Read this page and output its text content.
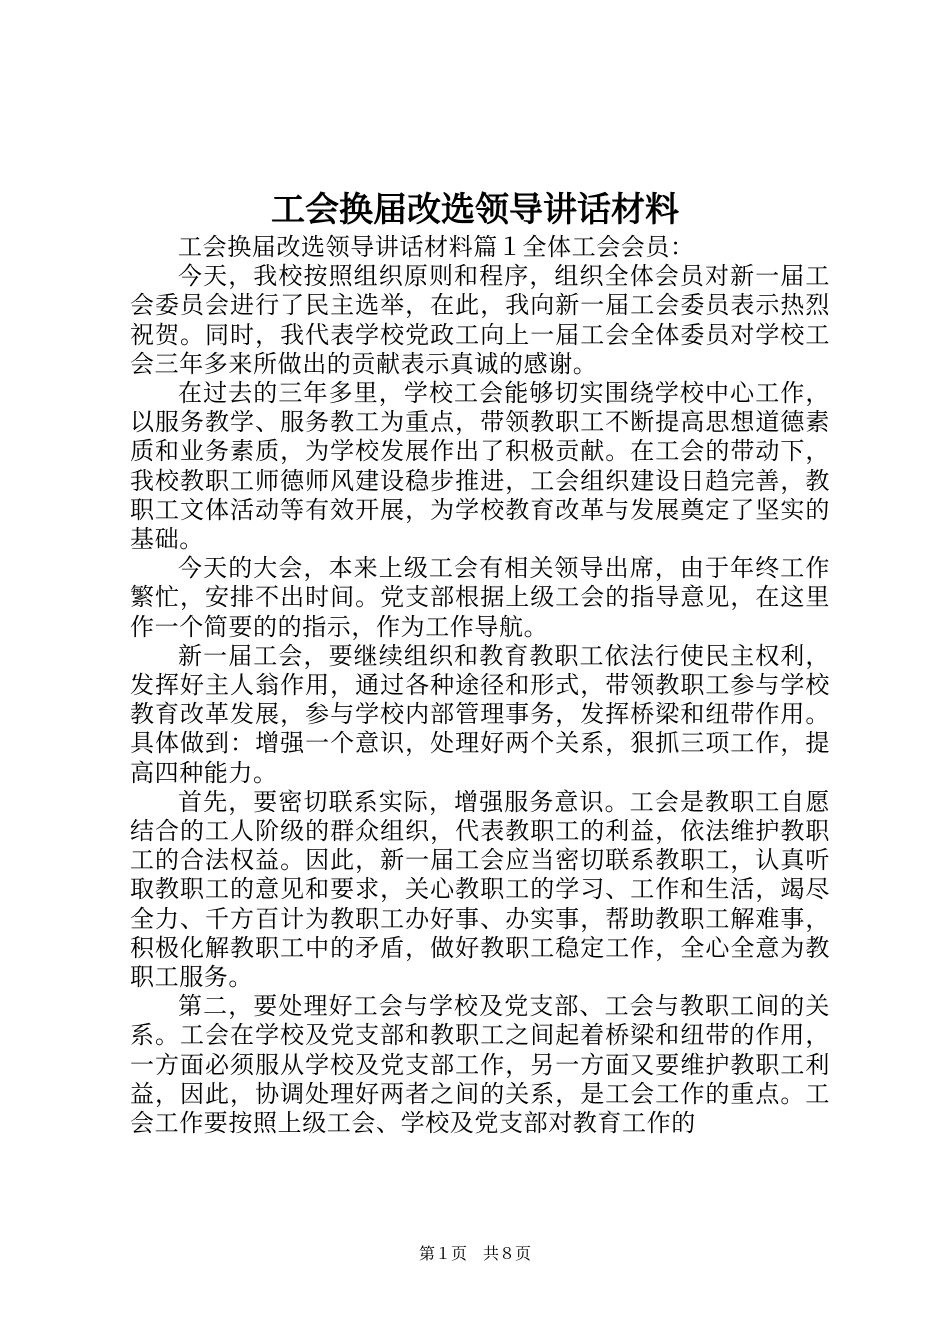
工会换届改选领导讲话材料

工会换届改选领导讲话材料篇１全体工会会员：

今天，我校按照组织原则和程序，组织全体会员对新一届工会委员会进行了民主选举，在此，我向新一届工会委员表示热烈祝贺。同时，我代表学校党政工向上一届工会全体委员对学校工会三年多来所做出的贡献表示真诚的感谢。

在过去的三年多里，学校工会能够切实围绕学校中心工作，以服务教学、服务教工为重点，带领教职工不断提高思想道德素质和业务素质，为学校发展作出了积极贡献。在工会的带动下，我校教职工师德师风建设稳步推进，工会组织建设日趋完善，教职工文体活动等有效开展，为学校教育改革与发展奠定了坚实的基础。

今天的大会，本来上级工会有相关领导出席，由于年终工作繁忙，安排不出时间。党支部根据上级工会的指导意见，在这里作一个简要的的指示，作为工作导航。

新一届工会，要继续组织和教育教职工依法行使民主权利，发挥好主人翁作用，通过各种途径和形式，带领教职工参与学校教育改革发展，参与学校内部管理事务，发挥桥梁和纽带作用。具体做到：增强一个意识，处理好两个关系，狠抓三项工作，提高四种能力。

首先，要密切联系实际，增强服务意识。工会是教职工自愿结合的工人阶级的群众组织，代表教职工的利益，依法维护教职工的合法权益。因此，新一届工会应当密切联系教职工，认真听取教职工的意见和要求，关心教职工的学习、工作和生活，竭尽全力、千方百计为教职工办好事、办实事，帮助教职工解难事，积极化解教职工中的矛盾，做好教职工稳定工作，全心全意为教职工服务。

第二，要处理好工会与学校及党支部、工会与教职工间的关系。工会在学校及党支部和教职工之间起着桥梁和纽带的作用，一方面必须服从学校及党支部工作，另一方面又要维护教职工利益，因此，协调处理好两者之间的关系，是工会工作的重点。工会工作要按照上级工会、学校及党支部对教育工作的

第１页　共８页
